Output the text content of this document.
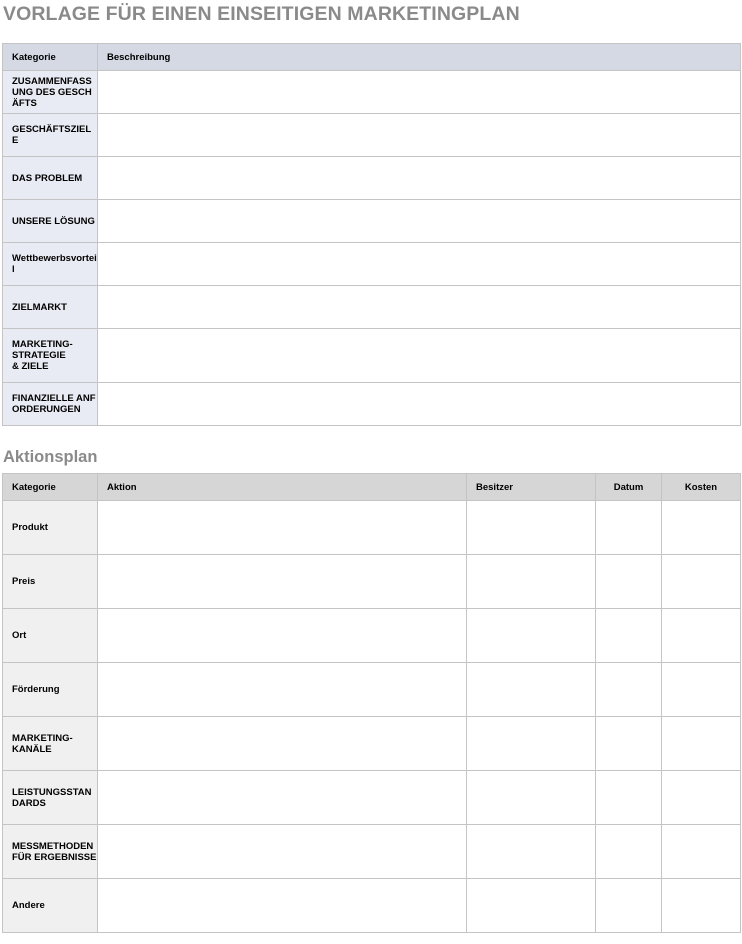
VORLAGE FÜR EINEN EINSEITIGEN MARKETINGPLAN
Kategorie	Beschreibung

ZUSAMMENFASSUNG DES GESCHÄFTS	

GESCHÄFTSZIELE	

DAS PROBLEM	

UNSERE LÖSUNG	

Wettbewerbsvorteil	

ZIELMARKT	

MARKETING-
STRATEGIE
& ZIELE	

FINANZIELLE ANFORDERUNGEN	

Aktionsplan
Kategorie	Aktion	Besitzer	Datum	Kosten

Produkt				

Preis				

Ort				

Förderung				

MARKETING-
KANÄLE				

LEISTUNGSSTANDARDS				

MESSMETHODEN
FÜR ERGEBNISSE				

Andere				
